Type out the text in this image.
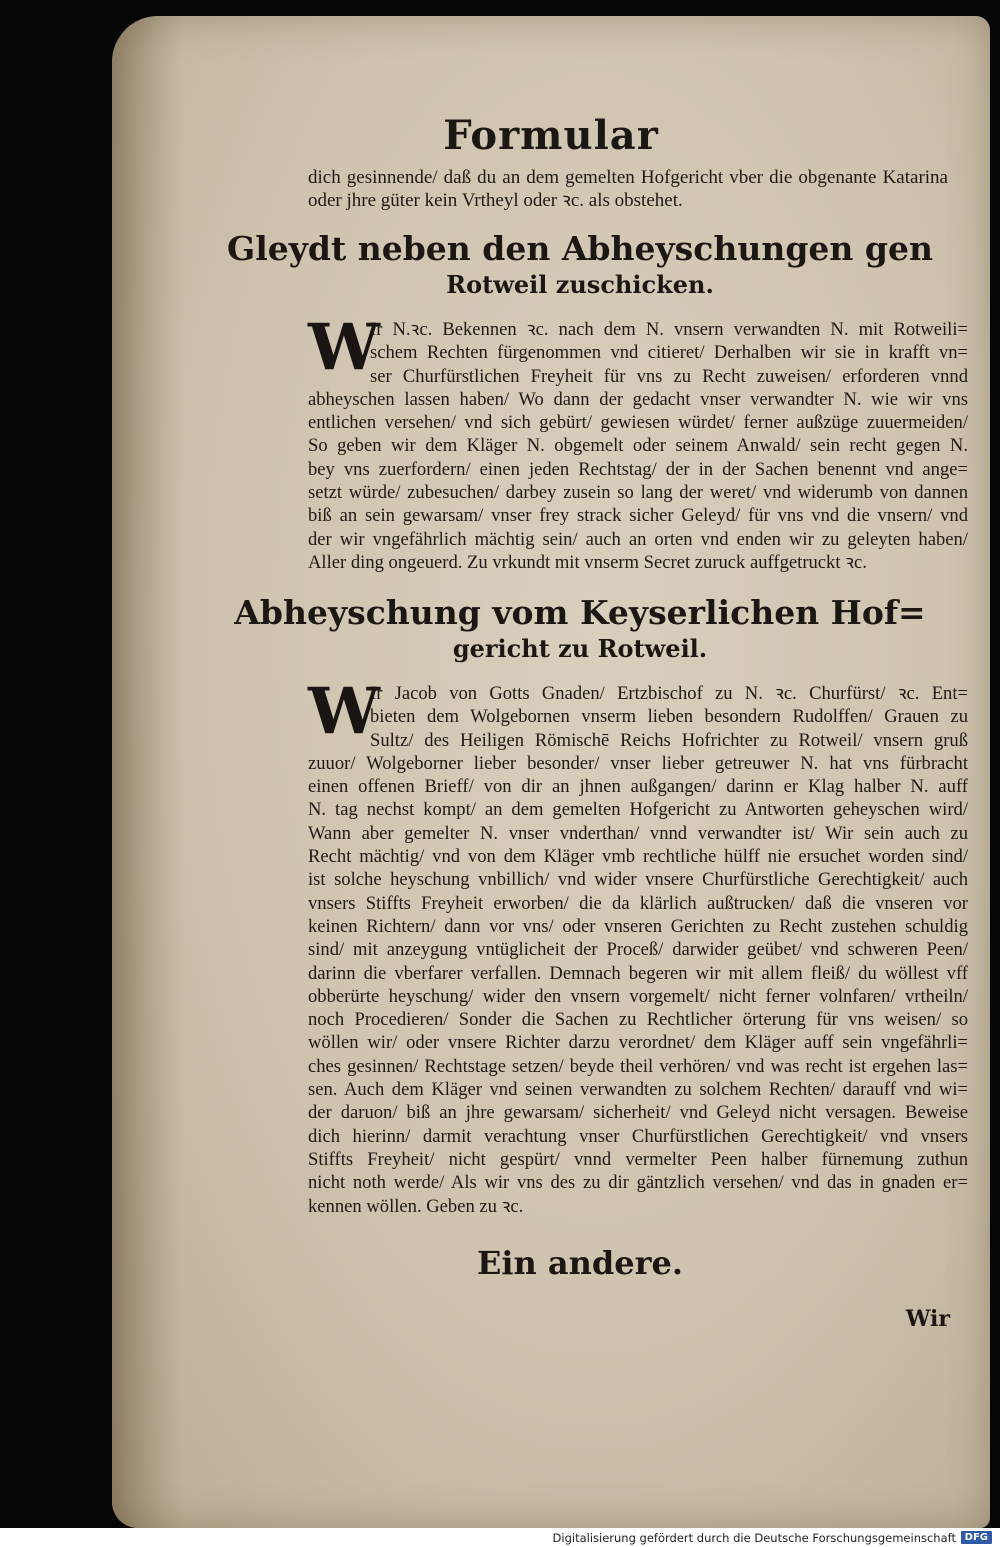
Formular
dich gesinnende/ daß du an dem gemelten Hofgericht vber die obgenante Katarina
oder jhre güter kein Vrtheyl oder ꝛc. als obstehet.
Gleydt neben den Abheyschungen gen
Rotweil zuschicken.
W
Ir N.ꝛc. Bekennen ꝛc. nach dem N. vnsern verwandten N. mit Rotweili=
schem Rechten fürgenommen vnd citieret/ Derhalben wir sie in krafft vn=
ser Churfürstlichen Freyheit für vns zu Recht zuweisen/ erforderen vnnd
abheyschen lassen haben/ Wo dann der gedacht vnser verwandter N. wie wir vns
entlichen versehen/ vnd sich gebürt/ gewiesen würdet/ ferner außzüge zuuermeiden/
So geben wir dem Kläger N. obgemelt oder seinem Anwald/ sein recht gegen N.
bey vns zuerfordern/ einen jeden Rechtstag/ der in der Sachen benennt vnd ange=
setzt würde/ zubesuchen/ darbey zusein so lang der weret/ vnd widerumb von dannen
biß an sein gewarsam/ vnser frey strack sicher Geleyd/ für vns vnd die vnsern/ vnd
der wir vngefährlich mächtig sein/ auch an orten vnd enden wir zu geleyten haben/
Aller ding ongeuerd. Zu vrkundt mit vnserm Secret zuruck auffgetruckt ꝛc.
Abheyschung vom Keyserlichen Hof=
gericht zu Rotweil.
W
Ir Jacob von Gotts Gnaden/ Ertzbischof zu N. ꝛc. Churfürst/ ꝛc. Ent=
bieten dem Wolgebornen vnserm lieben besondern Rudolffen/ Grauen zu
Sultz/ des Heiligen Römischē Reichs Hofrichter zu Rotweil/ vnsern gruß
zuuor/ Wolgeborner lieber besonder/ vnser lieber getreuwer N. hat vns fürbracht
einen offenen Brieff/ von dir an jhnen außgangen/ darinn er Klag halber N. auff
N. tag nechst kompt/ an dem gemelten Hofgericht zu Antworten geheyschen wird/
Wann aber gemelter N. vnser vnderthan/ vnnd verwandter ist/ Wir sein auch zu
Recht mächtig/ vnd von dem Kläger vmb rechtliche hülff nie ersuchet worden sind/
ist solche heyschung vnbillich/ vnd wider vnsere Churfürstliche Gerechtigkeit/ auch
vnsers Stiffts Freyheit erworben/ die da klärlich außtrucken/ daß die vnseren vor
keinen Richtern/ dann vor vns/ oder vnseren Gerichten zu Recht zustehen schuldig
sind/ mit anzeygung vntüglicheit der Proceß/ darwider geübet/ vnd schweren Peen/
darinn die vberfarer verfallen. Demnach begeren wir mit allem fleiß/ du wöllest vff
obberürte heyschung/ wider den vnsern vorgemelt/ nicht ferner volnfaren/ vrtheiln/
noch Procedieren/ Sonder die Sachen zu Rechtlicher örterung für vns weisen/ so
wöllen wir/ oder vnsere Richter darzu verordnet/ dem Kläger auff sein vngefährli=
ches gesinnen/ Rechtstage setzen/ beyde theil verhören/ vnd was recht ist ergehen las=
sen. Auch dem Kläger vnd seinen verwandten zu solchem Rechten/ darauff vnd wi=
der daruon/ biß an jhre gewarsam/ sicherheit/ vnd Geleyd nicht versagen. Beweise
dich hierinn/ darmit verachtung vnser Churfürstlichen Gerechtigkeit/ vnd vnsers
Stiffts Freyheit/ nicht gespürt/ vnnd vermelter Peen halber fürnemung zuthun
nicht noth werde/ Als wir vns des zu dir gäntzlich versehen/ vnd das in gnaden er=
kennen wöllen. Geben zu ꝛc.
Ein andere.
Wir
Digitalisierung gefördert durch die Deutsche Forschungsgemeinschaft DFG
